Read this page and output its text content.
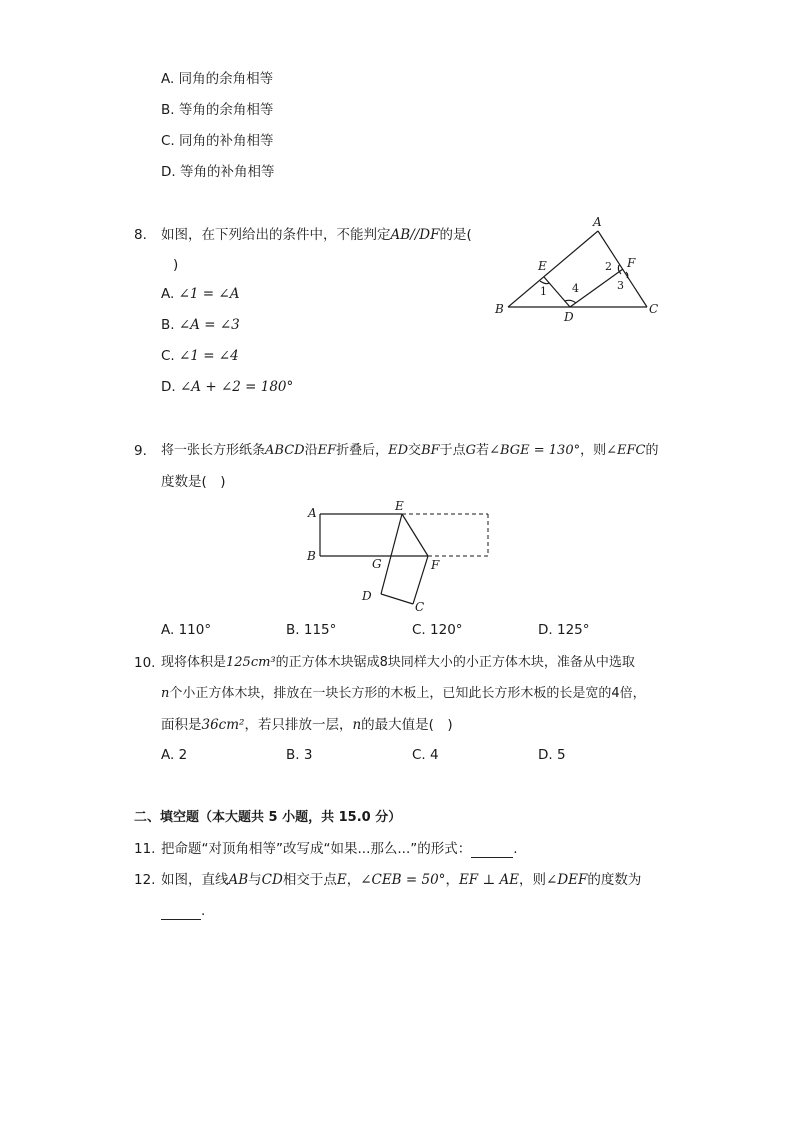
A. 同角的余角相等
B. 等角的余角相等
C. 同角的补角相等
D. 等角的补角相等
8. 如图，在下列给出的条件中，不能判定AB//DF的是(
)
A. ∠1 = ∠A
B. ∠A = ∠3
C. ∠1 = ∠4
D. ∠A + ∠2 = 180°
A
B	C
D
E	F
1
2
3
4
9. 将一张长方形纸条ABCD沿EF折叠后，ED交BF于点G若∠BGE = 130°，则∠EFC的
度数是(　)
A
B
E
G	F
D
C
A. 110°	B. 115°	C. 120°	D. 125°
10. 现将体积是125cm³的正方体木块锯成8块同样大小的小正方体木块，准备从中选取
n个小正方体木块，排放在一块长方形的木板上，已知此长方形木板的长是宽的4倍，
面积是36cm²，若只排放一层，n的最大值是(　)
A. 2	B. 3	C. 4	D. 5
二、填空题（本大题共 5 小题，共 15.0 分）
11. 把命题“对顶角相等”改写成“如果...那么...”的形式：	.
12. 如图，直线AB与CD相交于点E，∠CEB = 50°，EF ⊥ AE，则∠DEF的度数为
.
